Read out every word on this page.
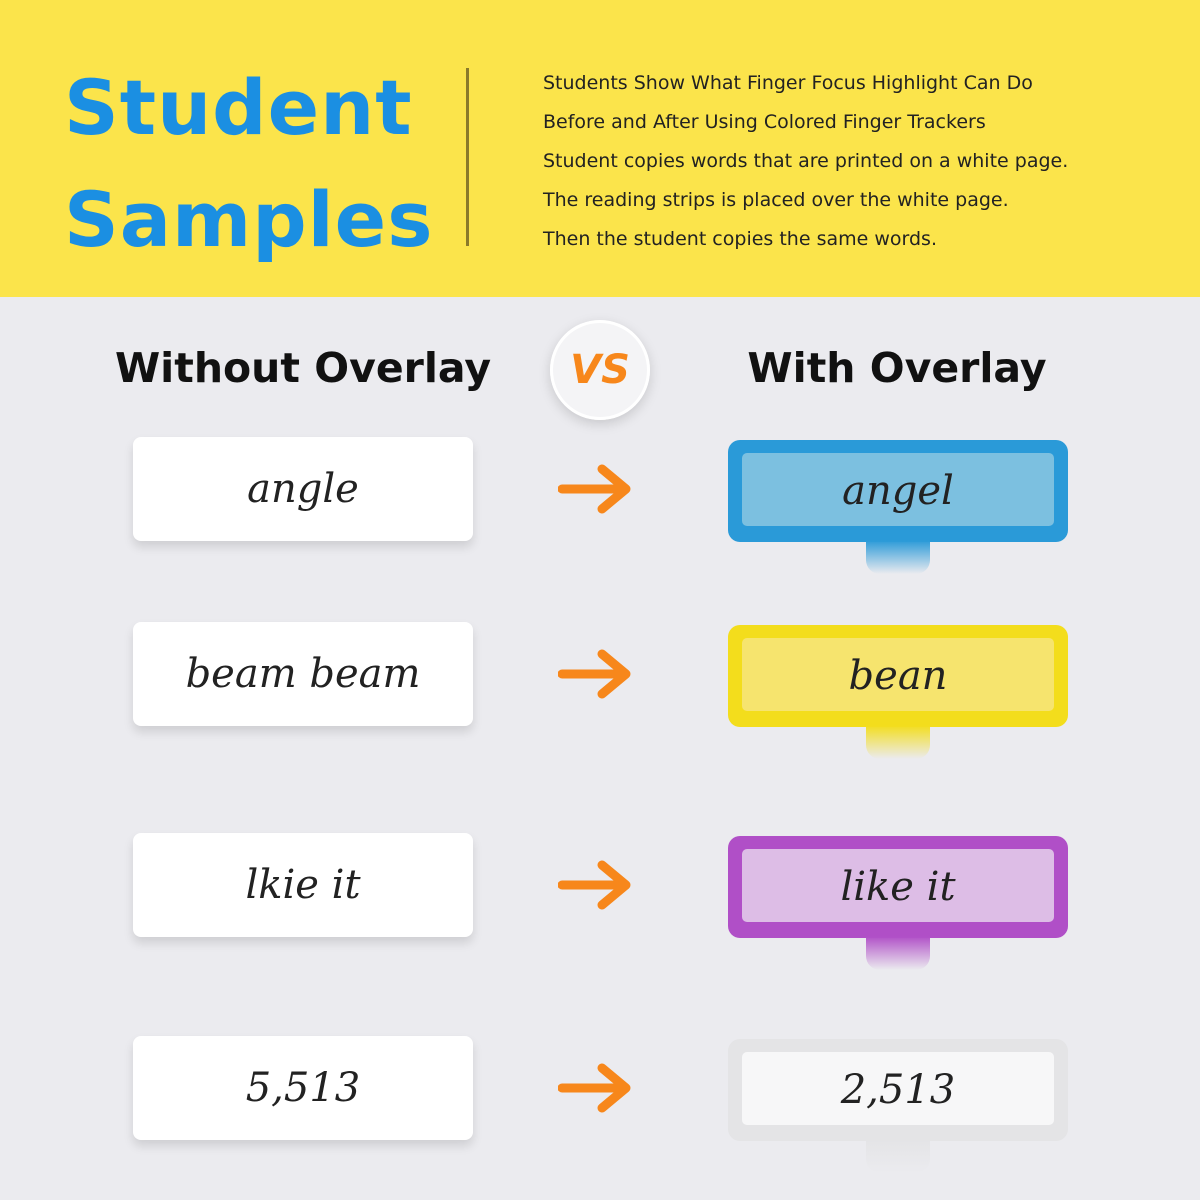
Student
Samples
Students Show What Finger Focus Highlight Can Do
Before and After Using Colored Finger Trackers
Student copies words that are printed on a white page.
The reading strips is placed over the white page.
Then the student copies the same words.
Without Overlay	VS	With Overlay
angle	angel
beam beam	bean
lkie it	like it
5,513	2,513
